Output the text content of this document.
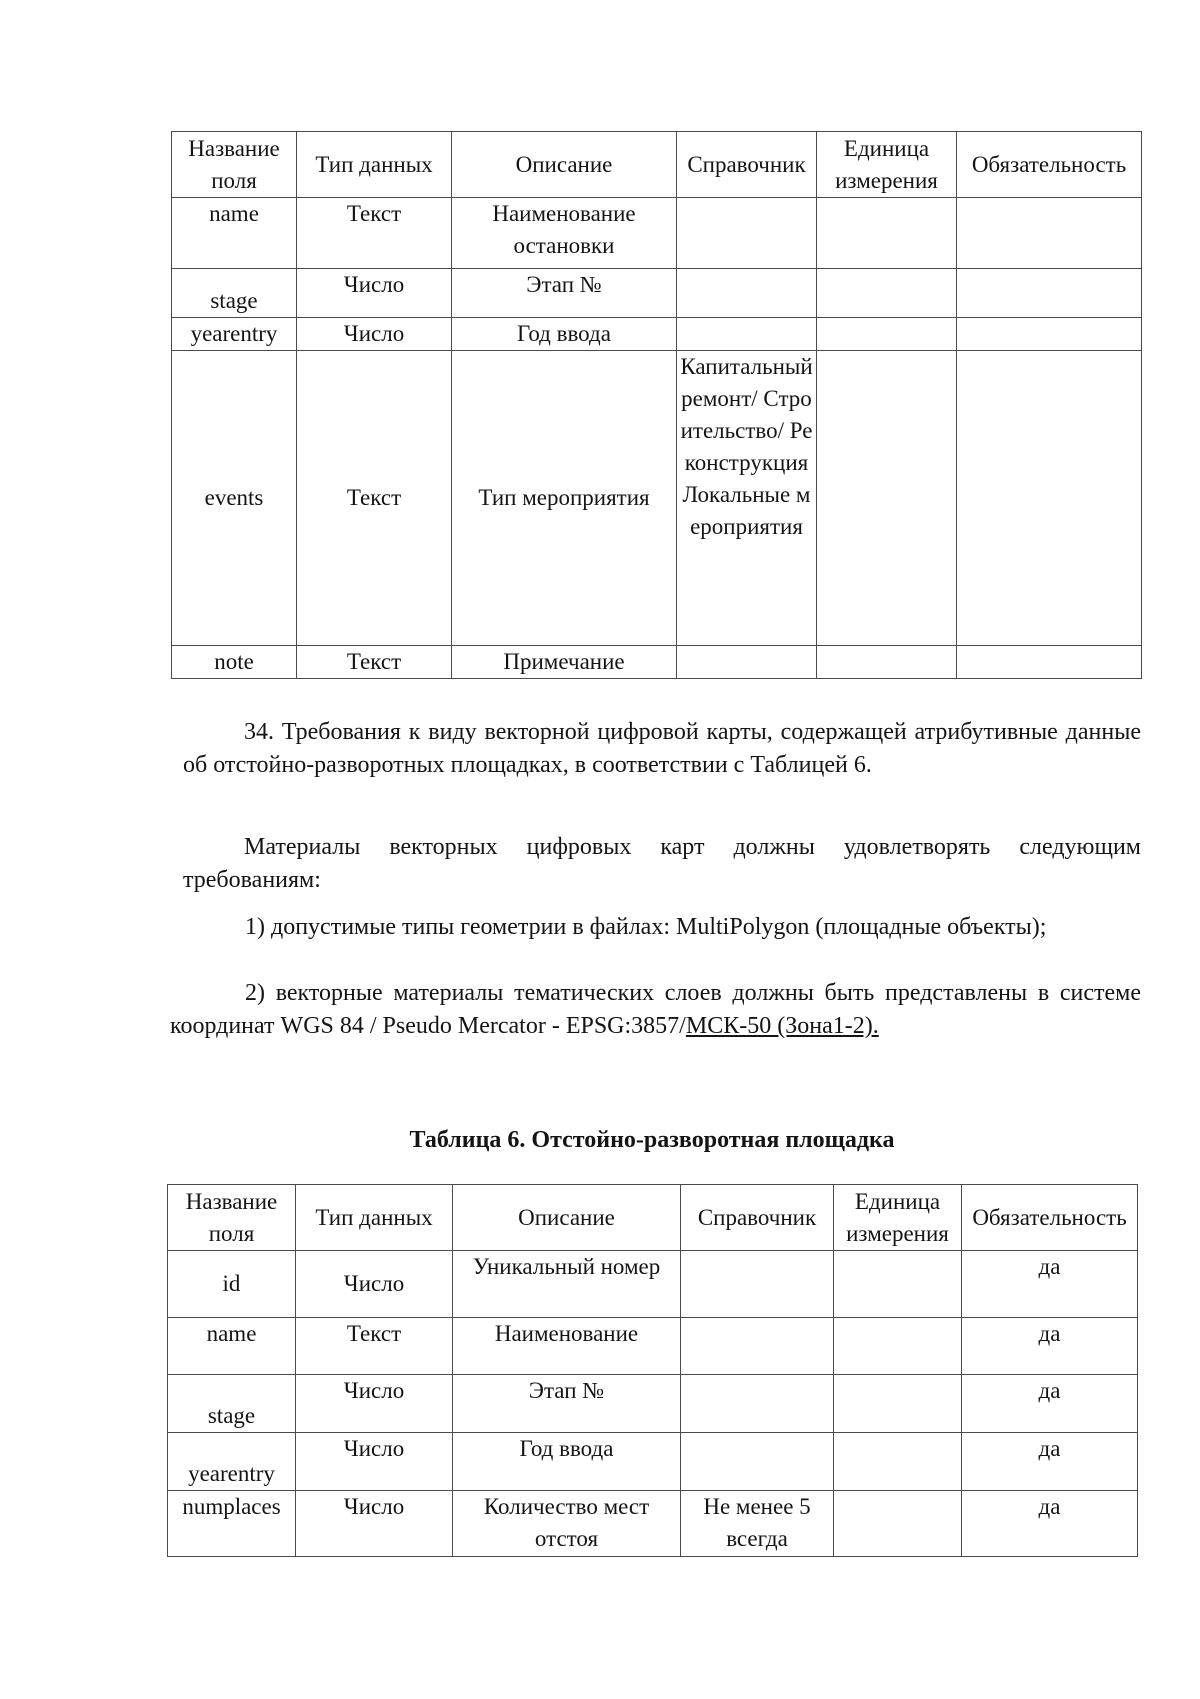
Название поля	Тип данных	Описание	Справочник	Единица измерения	Обязательность
name	Текст	Наименование остановки			
stage	Число	Этап №			
yearentry	Число	Год ввода			
events	Текст	Тип мероприятия	Капитальный ремонт/ Строительство/ Реконструкция Локальные мероприятия		
note	Текст	Примечание			

34. Требования к виду векторной цифровой карты, содержащей атрибутивные данные об отстойно-разворотных площадках, в соответствии с Таблицей 6.

Материалы векторных цифровых карт должны удовлетворять следующим требованиям:

1) допустимые типы геометрии в файлах: MultiPolygon (площадные объекты);

2) векторные материалы тематических слоев должны быть представлены в системе координат WGS 84 / Pseudo Mercator - EPSG:3857/МСК-50 (Зона1-2).

Таблица 6. Отстойно-разворотная площадка
Название поля	Тип данных	Описание	Справочник	Единица измерения	Обязательность
id	Число	Уникальный номер			да
name	Текст	Наименование			да
stage	Число	Этап №			да
yearentry	Число	Год ввода			да
numplaces	Число	Количество мест отстоя	Не менее 5 всегда		да
